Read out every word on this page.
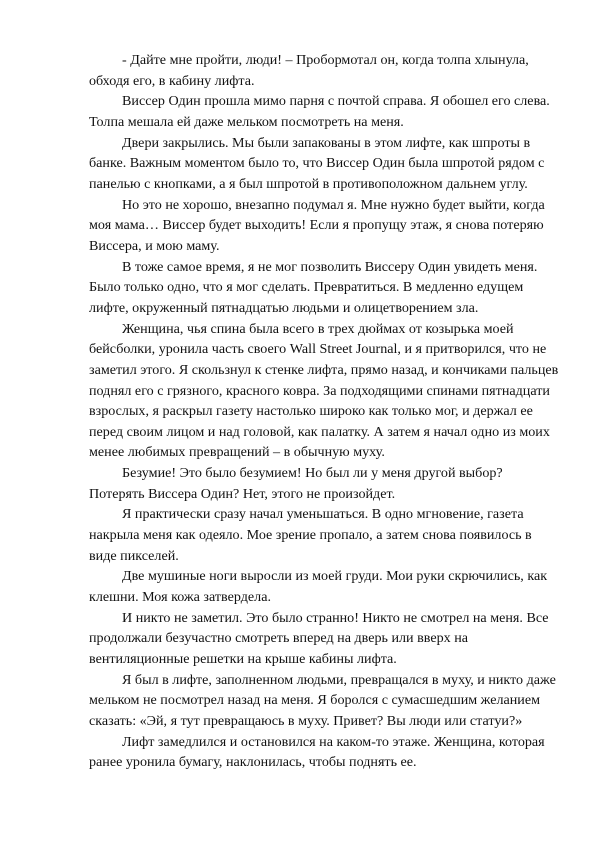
- Дайте мне пройти, люди! – Пробормотал он, когда толпа хлынула, обходя его, в кабину лифта.

Виссер Один прошла мимо парня с почтой справа. Я обошел его слева. Толпа мешала ей даже мельком посмотреть на меня.

Двери закрылись. Мы были запакованы в этом лифте, как шпроты в банке. Важным моментом было то, что Виссер Один была шпротой рядом с панелью с кнопками, а я был шпротой в противоположном дальнем углу.

Но это не хорошо, внезапно подумал я. Мне нужно будет выйти, когда моя мама… Виссер будет выходить! Если я пропущу этаж, я снова потеряю Виссера, и мою маму.

В тоже самое время, я не мог позволить Виссеру Один увидеть меня. Было только одно, что я мог сделать. Превратиться. В медленно едущем лифте, окруженный пятнадцатью людьми и олицетворением зла.

Женщина, чья спина была всего в трех дюймах от козырька моей бейсболки, уронила часть своего Wall Street Journal, и я притворился, что не заметил этого. Я скользнул к стенке лифта, прямо назад, и кончиками пальцев поднял его с грязного, красного ковра. За подходящими спинами пятнадцати взрослых, я раскрыл газету настолько широко как только мог, и держал ее перед своим лицом и над головой, как палатку. А затем я начал одно из моих менее любимых превращений – в обычную муху.

Безумие! Это было безумием! Но был ли у меня другой выбор? Потерять Виссера Один? Нет, этого не произойдет.

Я практически сразу начал уменьшаться. В одно мгновение, газета накрыла меня как одеяло. Мое зрение пропало, а затем снова появилось в виде пикселей.

Две мушиные ноги выросли из моей груди. Мои руки скрючились, как клешни. Моя кожа затвердела.

И никто не заметил. Это было странно! Никто не смотрел на меня. Все продолжали безучастно смотреть вперед на дверь или вверх на вентиляционные решетки на крыше кабины лифта.

Я был в лифте, заполненном людьми, превращался в муху, и никто даже мельком не посмотрел назад на меня. Я боролся с сумасшедшим желанием сказать: «Эй, я тут превращаюсь в муху. Привет? Вы люди или статуи?»

Лифт замедлился и остановился на каком-то этаже. Женщина, которая ранее уронила бумагу, наклонилась, чтобы поднять ее.
